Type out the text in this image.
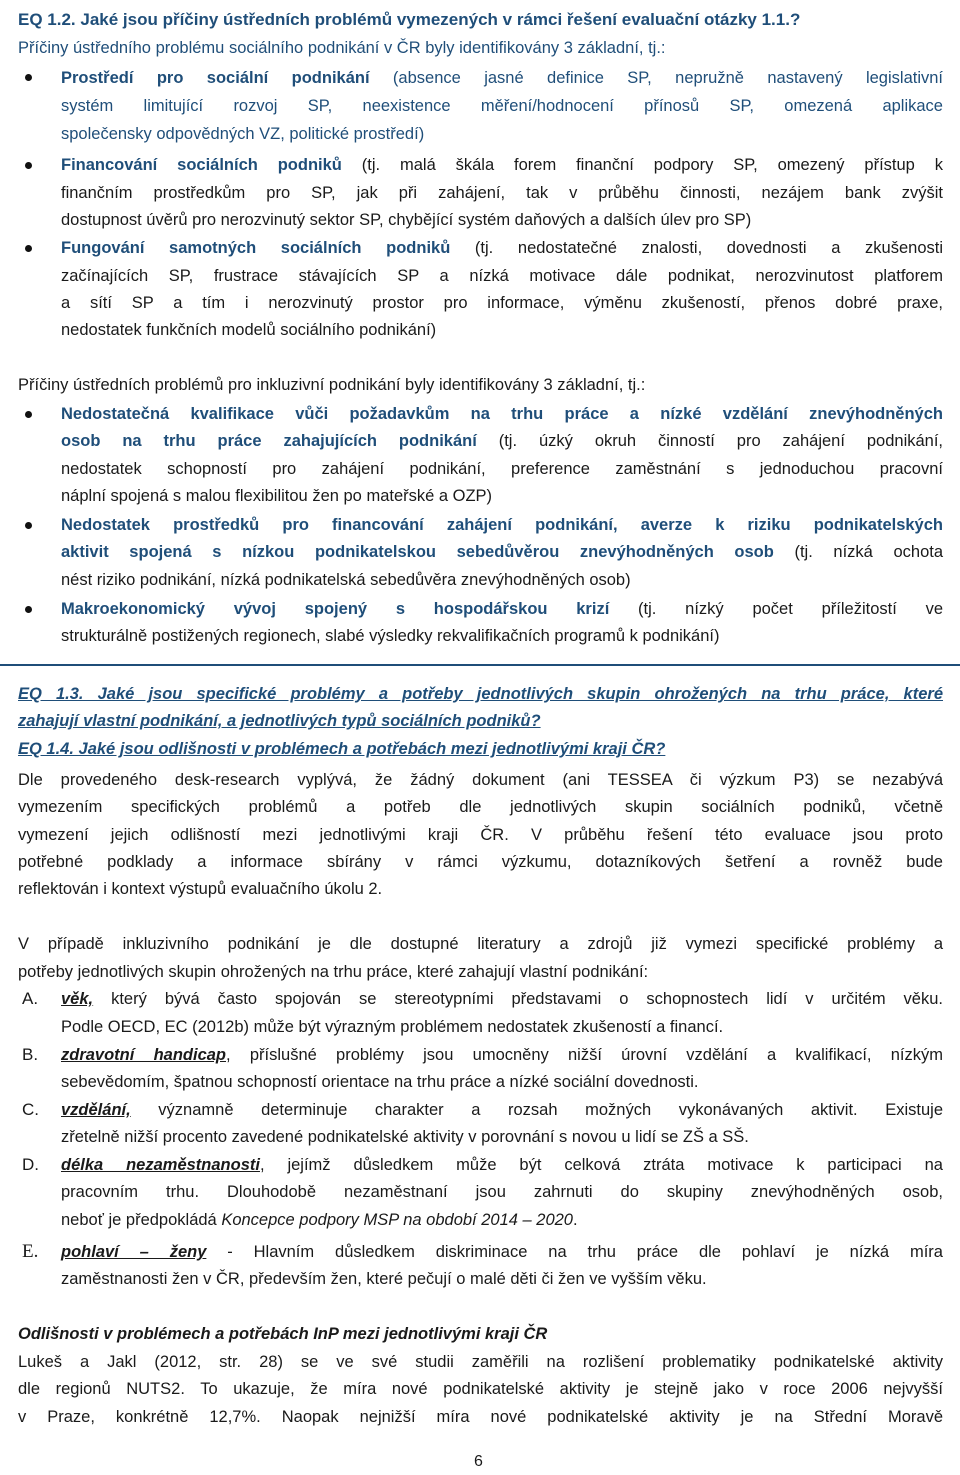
EQ 1.2. Jaké jsou příčiny ústředních problémů vymezených v rámci řešení evaluační otázky 1.1.?
Příčiny ústředního problému sociálního podnikání v ČR byly identifikovány 3 základní, tj.:
Prostředí pro sociální podnikání (absence jasné definice SP, nepružně nastavený legislativní
systém limitující rozvoj SP, neexistence měření/hodnocení přínosů SP, omezená aplikace
společensky odpovědných VZ, politické prostředí)
Financování sociálních podniků (tj. malá škála forem finanční podpory SP, omezený přístup k
finančním prostředkům pro SP, jak při zahájení, tak v průběhu činnosti, nezájem bank zvýšit
dostupnost úvěrů pro nerozvinutý sektor SP, chybějící systém daňových a dalších úlev pro SP)
Fungování samotných sociálních podniků (tj. nedostatečné znalosti, dovednosti a zkušenosti
začínajících SP, frustrace stávajících SP a nízká motivace dále podnikat, nerozvinutost platforem
a sítí SP a tím i nerozvinutý prostor pro informace, výměnu zkušeností, přenos dobré praxe,
nedostatek funkčních modelů sociálního podnikání)
Příčiny ústředních problémů pro inkluzivní podnikání byly identifikovány 3 základní, tj.:
Nedostatečná kvalifikace vůči požadavkům na trhu práce a nízké vzdělání znevýhodněných
osob na trhu práce zahajujících podnikání (tj. úzký okruh činností pro zahájení podnikání,
nedostatek schopností pro zahájení podnikání, preference zaměstnání s jednoduchou pracovní
náplní spojená s malou flexibilitou žen po mateřské a OZP)
Nedostatek prostředků pro financování zahájení podnikání, averze k riziku podnikatelských
aktivit spojená s nízkou podnikatelskou sebedůvěrou znevýhodněných osob (tj. nízká ochota
nést riziko podnikání, nízká podnikatelská sebedůvěra znevýhodněných osob)
Makroekonomický vývoj spojený s hospodářskou krizí (tj. nízký počet příležitostí ve
strukturálně postižených regionech, slabé výsledky rekvalifikačních programů k podnikání)
EQ 1.3. Jaké jsou specifické problémy a potřeby jednotlivých skupin ohrožených na trhu práce, které
zahajují vlastní podnikání, a jednotlivých typů sociálních podniků?
EQ 1.4. Jaké jsou odlišnosti v problémech a potřebách mezi jednotlivými kraji ČR?
Dle provedeného desk-research vyplývá, že žádný dokument (ani TESSEA či výzkum P3) se nezabývá
vymezením specifických problémů a potřeb dle jednotlivých skupin sociálních podniků, včetně
vymezení jejich odlišností mezi jednotlivými kraji ČR. V průběhu řešení této evaluace jsou proto
potřebné podklady a informace sbírány v rámci výzkumu, dotazníkových šetření a rovněž bude
reflektován i kontext výstupů evaluačního úkolu 2.
V případě inkluzivního podnikání je dle dostupné literatury a zdrojů již vymezi specifické problémy a
potřeby jednotlivých skupin ohrožených na trhu práce, které zahajují vlastní podnikání:
A. věk, který bývá často spojován se stereotypními představami o schopnostech lidí v určitém věku.
Podle OECD, EC (2012b) může být výrazným problémem nedostatek zkušeností a financí.
B. zdravotní handicap, příslušné problémy jsou umocněny nižší úrovní vzdělání a kvalifikací, nízkým
sebevědomím, špatnou schopností orientace na trhu práce a nízké sociální dovednosti.
C. vzdělání, významně determinuje charakter a rozsah možných vykonávaných aktivit. Existuje
zřetelně nižší procento zavedené podnikatelské aktivity v porovnání s novou u lidí se ZŠ a SŠ.
D. délka nezaměstnanosti, jejímž důsledkem může být celková ztráta motivace k participaci na
pracovním trhu. Dlouhodobě nezaměstnaní jsou zahrnuti do skupiny znevýhodněných osob,
neboť je předpokládá Koncepce podpory MSP na období 2014 – 2020.
E. pohlaví – ženy - Hlavním důsledkem diskriminace na trhu práce dle pohlaví je nízká míra
zaměstnanosti žen v ČR, především žen, které pečují o malé děti či žen ve vyšším věku.
Odlišnosti v problémech a potřebách InP mezi jednotlivými kraji ČR
Lukeš a Jakl (2012, str. 28) se ve své studii zaměřili na rozlišení problematiky podnikatelské aktivity
dle regionů NUTS2. To ukazuje, že míra nové podnikatelské aktivity je stejně jako v roce 2006 nejvyšší
v Praze, konkrétně 12,7%. Naopak nejnižší míra nové podnikatelské aktivity je na Střední Moravě
6
